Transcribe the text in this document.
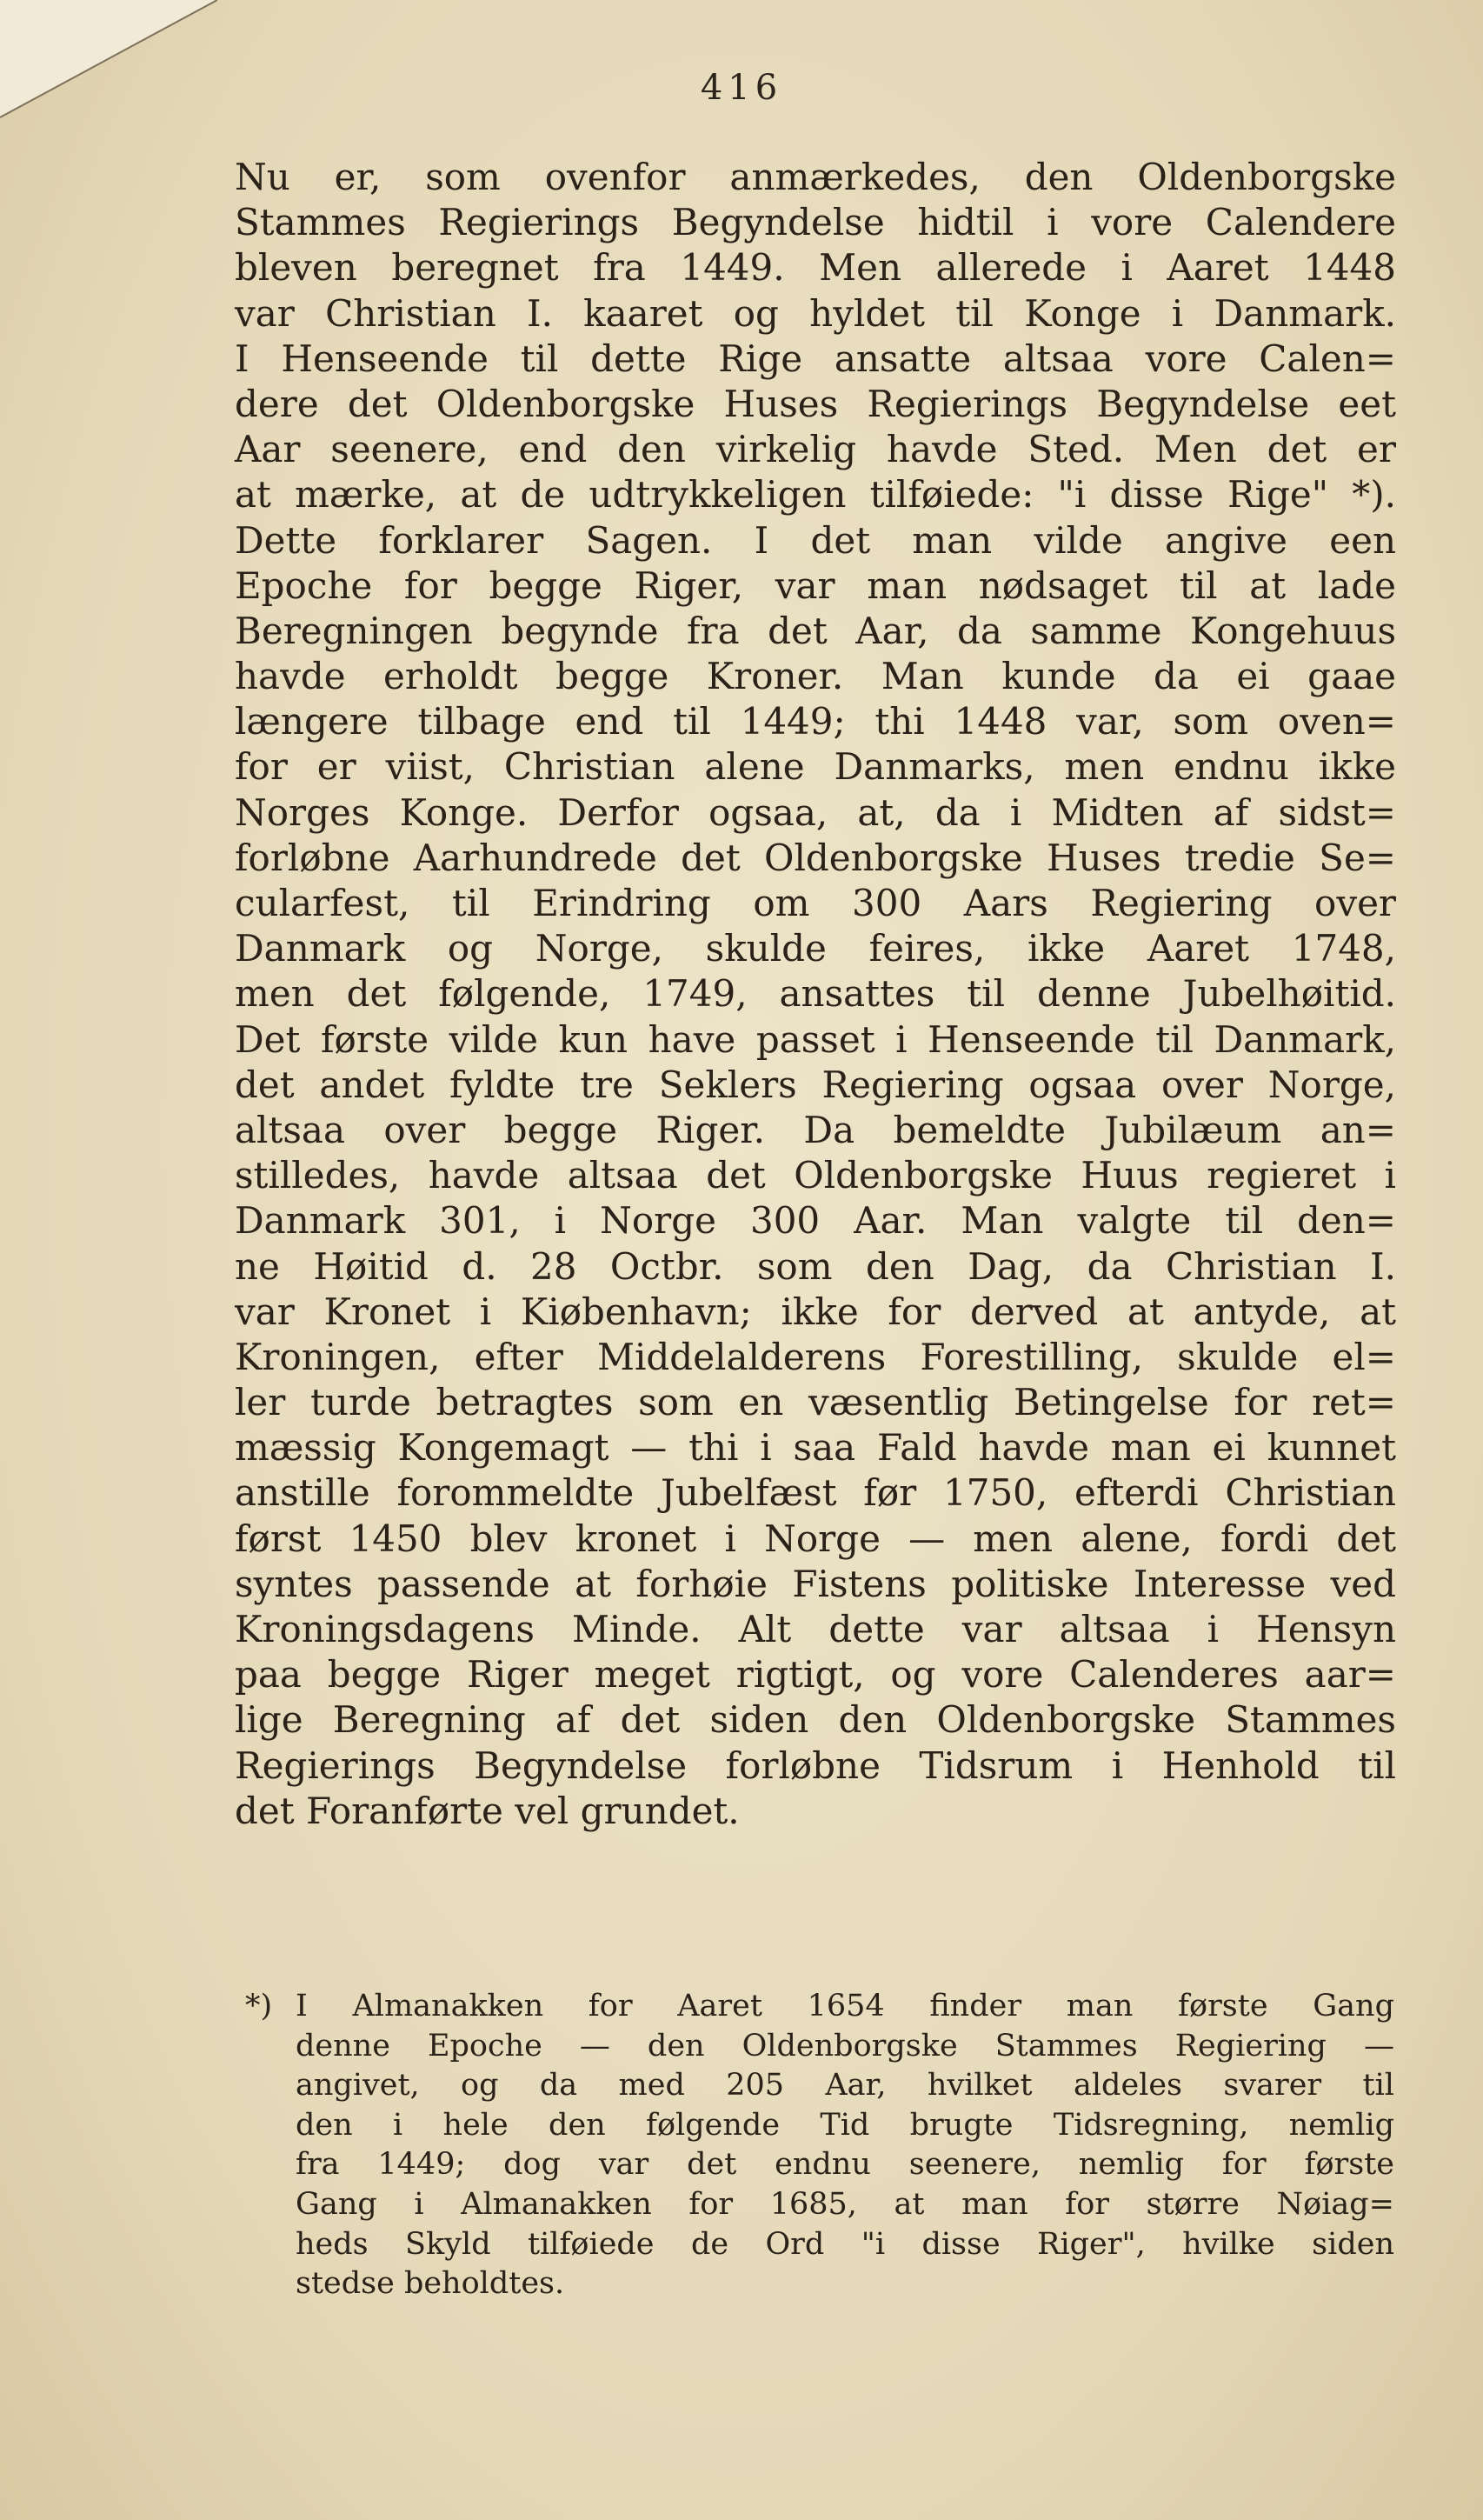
416
Nu er, som ovenfor anmærkedes, den Oldenborgske
Stammes Regierings Begyndelse hidtil i vore Calendere
bleven beregnet fra 1449. Men allerede i Aaret 1448
var Christian I. kaaret og hyldet til Konge i Danmark.
I Henseende til dette Rige ansatte altsaa vore Calen=
dere det Oldenborgske Huses Regierings Begyndelse eet
Aar seenere, end den virkelig havde Sted. Men det er
at mærke, at de udtrykkeligen tilføiede: "i disse Rige" *).
Dette forklarer Sagen. I det man vilde angive een
Epoche for begge Riger, var man nødsaget til at lade
Beregningen begynde fra det Aar, da samme Kongehuus
havde erholdt begge Kroner. Man kunde da ei gaae
længere tilbage end til 1449; thi 1448 var, som oven=
for er viist, Christian alene Danmarks, men endnu ikke
Norges Konge. Derfor ogsaa, at, da i Midten af sidst=
forløbne Aarhundrede det Oldenborgske Huses tredie Se=
cularfest, til Erindring om 300 Aars Regiering over
Danmark og Norge, skulde feires, ikke Aaret 1748,
men det følgende, 1749, ansattes til denne Jubelhøitid.
Det første vilde kun have passet i Henseende til Danmark,
det andet fyldte tre Seklers Regiering ogsaa over Norge,
altsaa over begge Riger. Da bemeldte Jubilæum an=
stilledes, havde altsaa det Oldenborgske Huus regieret i
Danmark 301, i Norge 300 Aar. Man valgte til den=
ne Høitid d. 28 Octbr. som den Dag, da Christian I.
var Kronet i Kiøbenhavn; ikke for derved at antyde, at
Kroningen, efter Middelalderens Forestilling, skulde el=
ler turde betragtes som en væsentlig Betingelse for ret=
mæssig Kongemagt — thi i saa Fald havde man ei kunnet
anstille forommeldte Jubelfæst før 1750, efterdi Christian
først 1450 blev kronet i Norge — men alene, fordi det
syntes passende at forhøie Fistens politiske Interesse ved
Kroningsdagens Minde. Alt dette var altsaa i Hensyn
paa begge Riger meget rigtigt, og vore Calenderes aar=
lige Beregning af det siden den Oldenborgske Stammes
Regierings Begyndelse forløbne Tidsrum i Henhold til
det Foranførte vel grundet.
*) I Almanakken for Aaret 1654 finder man første Gang
denne Epoche — den Oldenborgske Stammes Regiering —
angivet, og da med 205 Aar, hvilket aldeles svarer til
den i hele den følgende Tid brugte Tidsregning, nemlig
fra 1449; dog var det endnu seenere, nemlig for første
Gang i Almanakken for 1685, at man for større Nøiag=
heds Skyld tilføiede de Ord "i disse Riger", hvilke siden
stedse beholdtes.
